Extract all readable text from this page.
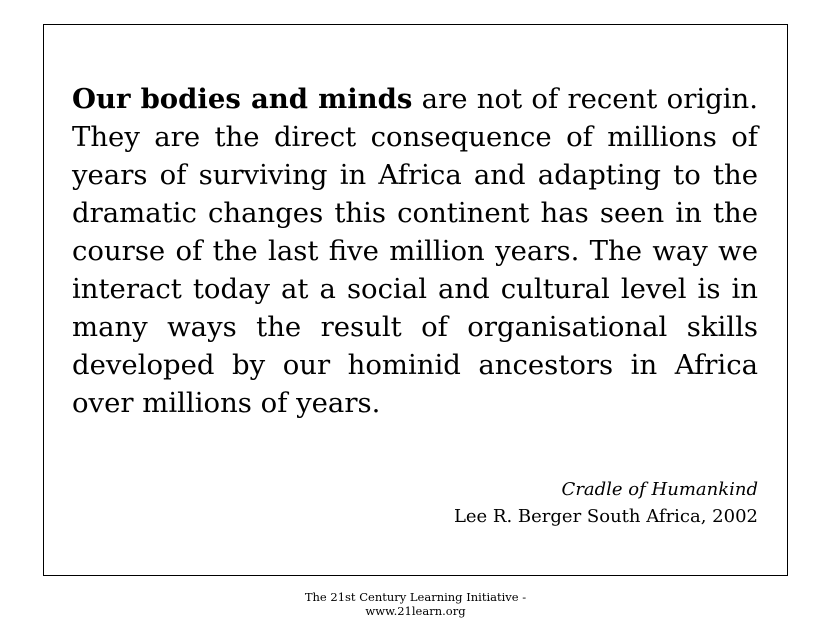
Our bodies and minds are not of recent origin. They are the direct consequence of millions of years of surviving in Africa and adapting to the dramatic changes this continent has seen in the course of the last five million years. The way we interact today at a social and cultural level is in many ways the result of organisational skills developed by our hominid ancestors in Africa over millions of years.

Cradle of Humankind
Lee R. Berger South Africa, 2002
The 21st Century Learning Initiative -
www.21learn.org
